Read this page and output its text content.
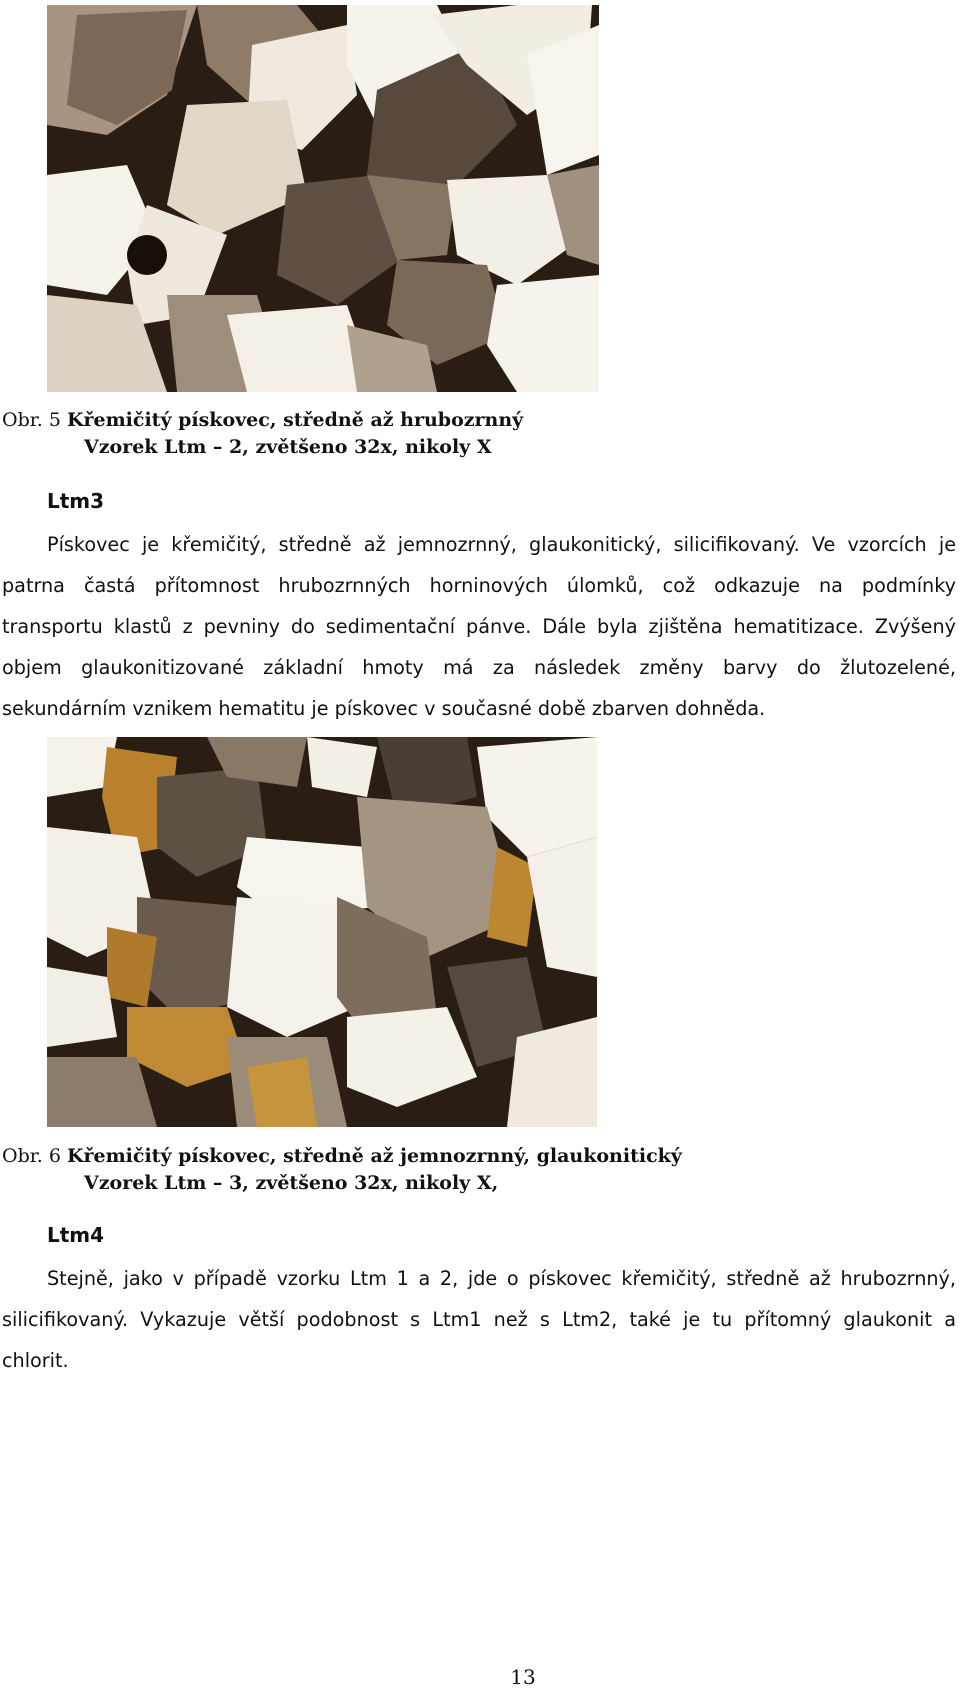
Obr. 5 Křemičitý pískovec, středně až hrubozrnný
Vzorek Ltm – 2, zvětšeno 32x, nikoly X
Ltm3
Pískovec je křemičitý, středně až jemnozrnný, glaukonitický, silicifikovaný. Ve vzorcích je
patrna častá přítomnost hrubozrnných horninových úlomků, což odkazuje na podmínky
transportu klastů z pevniny do sedimentační pánve. Dále byla zjištěna hematitizace. Zvýšený
objem glaukonitizované základní hmoty má za následek změny barvy do žlutozelené,
sekundárním vznikem hematitu je pískovec v současné době zbarven dohněda.
Obr. 6 Křemičitý pískovec, středně až jemnozrnný, glaukonitický
Vzorek Ltm – 3, zvětšeno 32x, nikoly X,
Ltm4
Stejně, jako v případě vzorku Ltm 1 a 2, jde o pískovec křemičitý, středně až hrubozrnný,
silicifikovaný. Vykazuje větší podobnost s Ltm1 než s Ltm2, také je tu přítomný glaukonit a
chlorit.
13
